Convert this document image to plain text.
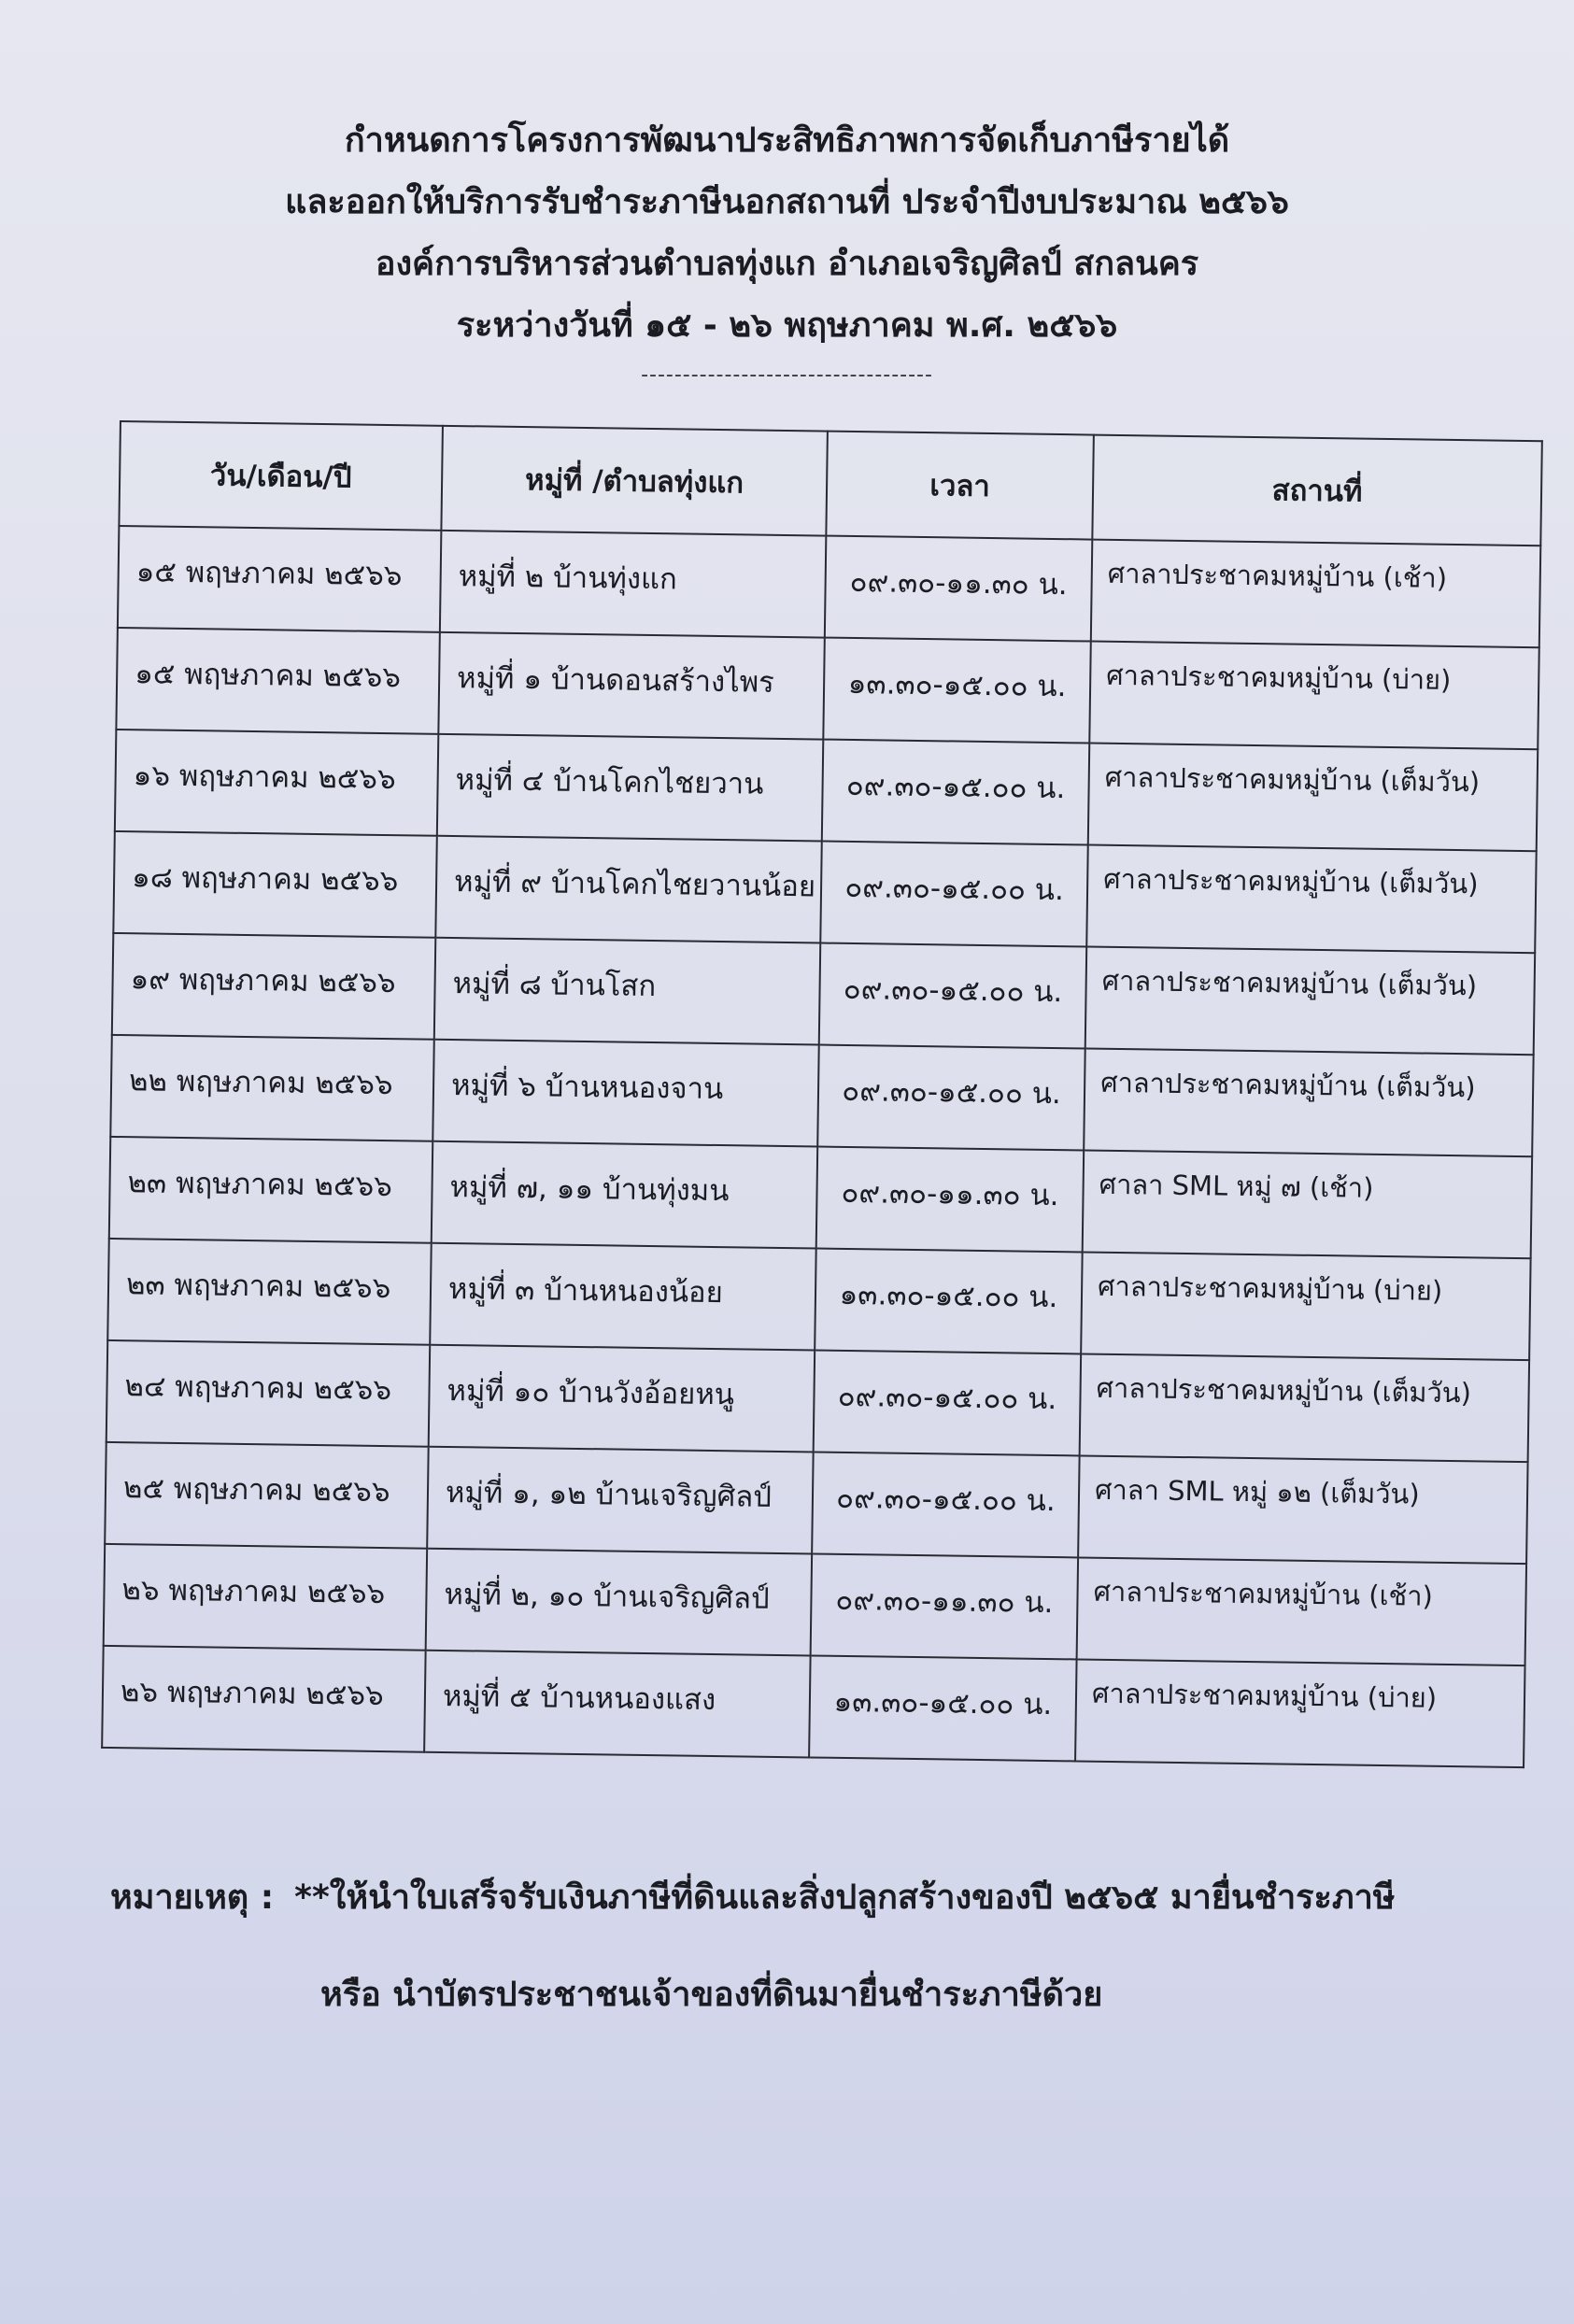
กำหนดการโครงการพัฒนาประสิทธิภาพการจัดเก็บภาษีรายได้
และออกให้บริการรับชำระภาษีนอกสถานที่ ประจำปีงบประมาณ ๒๕๖๖
องค์การบริหารส่วนตำบลทุ่งแก อำเภอเจริญศิลป์ สกลนคร
ระหว่างวันที่ ๑๕ - ๒๖ พฤษภาคม พ.ศ. ๒๕๖๖
-----------------------------------
วัน/เดือน/ปี	หมู่ที่ /ตำบลทุ่งแก	เวลา	สถานที่
๑๕ พฤษภาคม ๒๕๖๖	หมู่ที่ ๒ บ้านทุ่งแก	๐๙.๓๐-๑๑.๓๐ น.	ศาลาประชาคมหมู่บ้าน (เช้า)
๑๕ พฤษภาคม ๒๕๖๖	หมู่ที่ ๑ บ้านดอนสร้างไพร	๑๓.๓๐-๑๕.๐๐ น.	ศาลาประชาคมหมู่บ้าน (บ่าย)
๑๖ พฤษภาคม ๒๕๖๖	หมู่ที่ ๔ บ้านโคกไชยวาน	๐๙.๓๐-๑๕.๐๐ น.	ศาลาประชาคมหมู่บ้าน (เต็มวัน)
๑๘ พฤษภาคม ๒๕๖๖	หมู่ที่ ๙ บ้านโคกไชยวานน้อย	๐๙.๓๐-๑๕.๐๐ น.	ศาลาประชาคมหมู่บ้าน (เต็มวัน)
๑๙ พฤษภาคม ๒๕๖๖	หมู่ที่ ๘ บ้านโสก	๐๙.๓๐-๑๕.๐๐ น.	ศาลาประชาคมหมู่บ้าน (เต็มวัน)
๒๒ พฤษภาคม ๒๕๖๖	หมู่ที่ ๖ บ้านหนองจาน	๐๙.๓๐-๑๕.๐๐ น.	ศาลาประชาคมหมู่บ้าน (เต็มวัน)
๒๓ พฤษภาคม ๒๕๖๖	หมู่ที่ ๗, ๑๑ บ้านทุ่งมน	๐๙.๓๐-๑๑.๓๐ น.	ศาลา SML หมู่ ๗ (เช้า)
๒๓ พฤษภาคม ๒๕๖๖	หมู่ที่ ๓ บ้านหนองน้อย	๑๓.๓๐-๑๕.๐๐ น.	ศาลาประชาคมหมู่บ้าน (บ่าย)
๒๔ พฤษภาคม ๒๕๖๖	หมู่ที่ ๑๐ บ้านวังอ้อยหนู	๐๙.๓๐-๑๕.๐๐ น.	ศาลาประชาคมหมู่บ้าน (เต็มวัน)
๒๕ พฤษภาคม ๒๕๖๖	หมู่ที่ ๑, ๑๒ บ้านเจริญศิลป์	๐๙.๓๐-๑๕.๐๐ น.	ศาลา SML หมู่ ๑๒ (เต็มวัน)
๒๖ พฤษภาคม ๒๕๖๖	หมู่ที่ ๒, ๑๐ บ้านเจริญศิลป์	๐๙.๓๐-๑๑.๓๐ น.	ศาลาประชาคมหมู่บ้าน (เช้า)
๒๖ พฤษภาคม ๒๕๖๖	หมู่ที่ ๕ บ้านหนองแสง	๑๓.๓๐-๑๕.๐๐ น.	ศาลาประชาคมหมู่บ้าน (บ่าย)
หมายเหตุ : **ให้นำใบเสร็จรับเงินภาษีที่ดินและสิ่งปลูกสร้างของปี ๒๕๖๕ มายื่นชำระภาษี
หรือ นำบัตรประชาชนเจ้าของที่ดินมายื่นชำระภาษีด้วย
